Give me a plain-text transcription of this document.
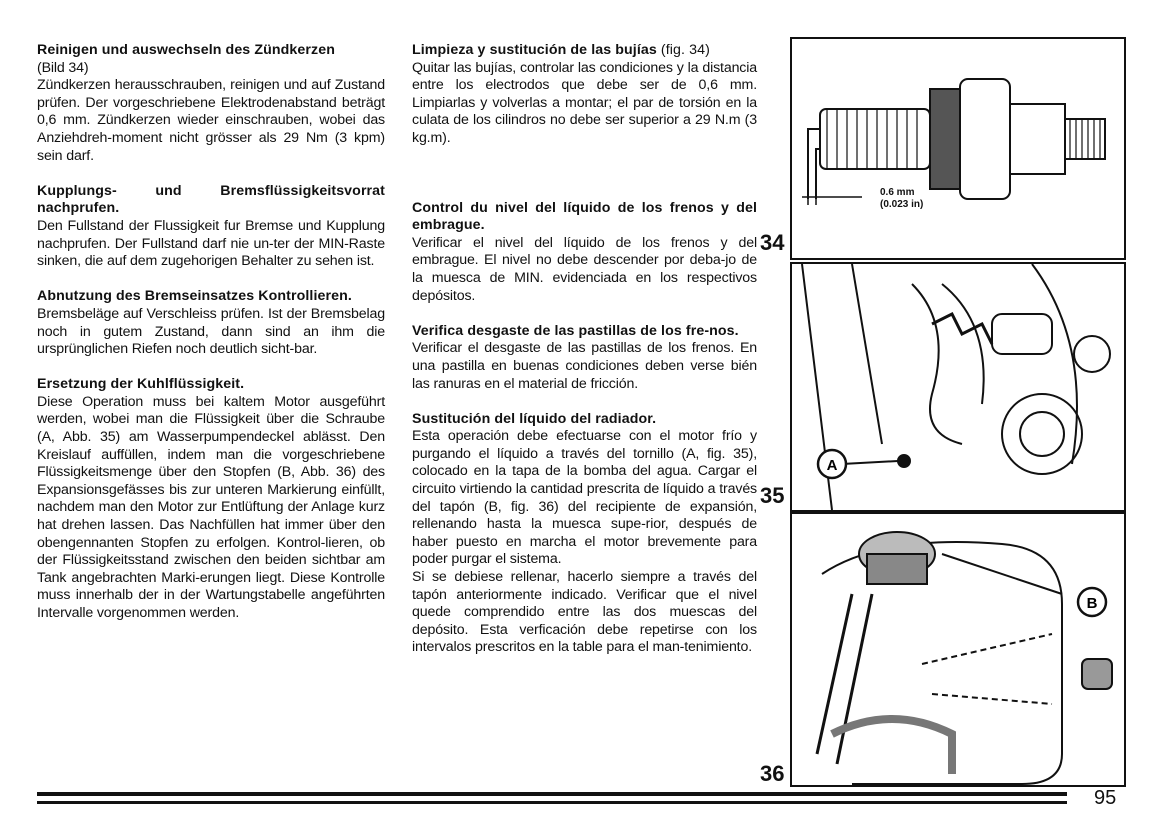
Reinigen und auswechseln des Zündkerzen

(Bild 34)

Zündkerzen herausschrauben, reinigen und auf Zustand prüfen. Der vorgeschriebene Elektrodenabstand beträgt 0,6 mm. Zündkerzen wieder einschrauben, wobei das Anziehdreh-moment nicht grösser als 29 Nm (3 kpm) sein darf.

Kupplungs- und Bremsflüssigkeitsvorrat nachprufen.

Den Fullstand der Flussigkeit fur Bremse und Kupplung nachprufen. Der Fullstand darf nie un-ter der MIN-Raste sinken, die auf dem zugehorigen Behalter zu sehen ist.

Abnutzung des Bremseinsatzes Kontrollieren.

Bremsbeläge auf Verschleiss prüfen. Ist der Bremsbelag noch in gutem Zustand, dann sind an ihm die ursprünglichen Riefen noch deutlich sicht-bar.

Ersetzung der Kuhlflüssigkeit.

Diese Operation muss bei kaltem Motor ausgeführt werden, wobei man die Flüssigkeit über die Schraube (A, Abb. 35) am Wasserpumpendeckel ablässt. Den Kreislauf auffüllen, indem man die vorgeschriebene Flüssigkeitsmenge über den Stopfen (B, Abb. 36) des Expansionsgefässes bis zur unteren Markierung einfüllt, nachdem man den Motor zur Entlüftung der Anlage kurz hat drehen lassen. Das Nachfüllen hat immer über den obengennanten Stopfen zu erfolgen. Kontrol-lieren, ob der Flüssigkeitsstand zwischen den beiden sichtbar am Tank angebrachten Marki-erungen liegt. Diese Kontrolle muss innerhalb der in der Wartungstabelle angeführten Intervalle vorgenommen werden.

Limpieza y sustitución de las bujías (fig. 34)

Quitar las bujías, controlar las condiciones y la distancia entre los electrodos que debe ser de 0,6 mm. Limpiarlas y volverlas a montar; el par de torsión en la culata de los cilindros no debe ser superior a 29 N.m (3 kg.m).

Control du nivel del líquido de los frenos y del embrague.

Verificar el nivel del líquido de los frenos y del embrague. El nivel no debe descender por deba-jo de la muesca de MIN. evidenciada en los respectivos depósitos.

Verifica desgaste de las pastillas de los fre-nos.

Verificar el desgaste de las pastillas de los frenos. En una pastilla en buenas condiciones deben verse bién las ranuras en el material de fricción.

Sustitución del líquido del radiador.

Esta operación debe efectuarse con el motor frío y purgando el líquido a través del tornillo (A, fig. 35), colocado en la tapa de la bomba del agua. Cargar el circuito virtiendo la cantidad prescrita de líquido a través del tapón (B, fig. 36) del recipiente de expansión, rellenando hasta la muesca supe-rior, después de haber puesto en marcha el motor brevemente para poder purgar el sistema.

Si se debiese rellenar, hacerlo siempre a través del tapón anteriormente indicado. Verificar que el nivel quede comprendido entre las dos muescas del depósito. Esta verficación debe repetirse con los intervalos prescritos en la table para el man-tenimiento.

0.6 mm
(0.023 in)
34
A
35
B
36
95
